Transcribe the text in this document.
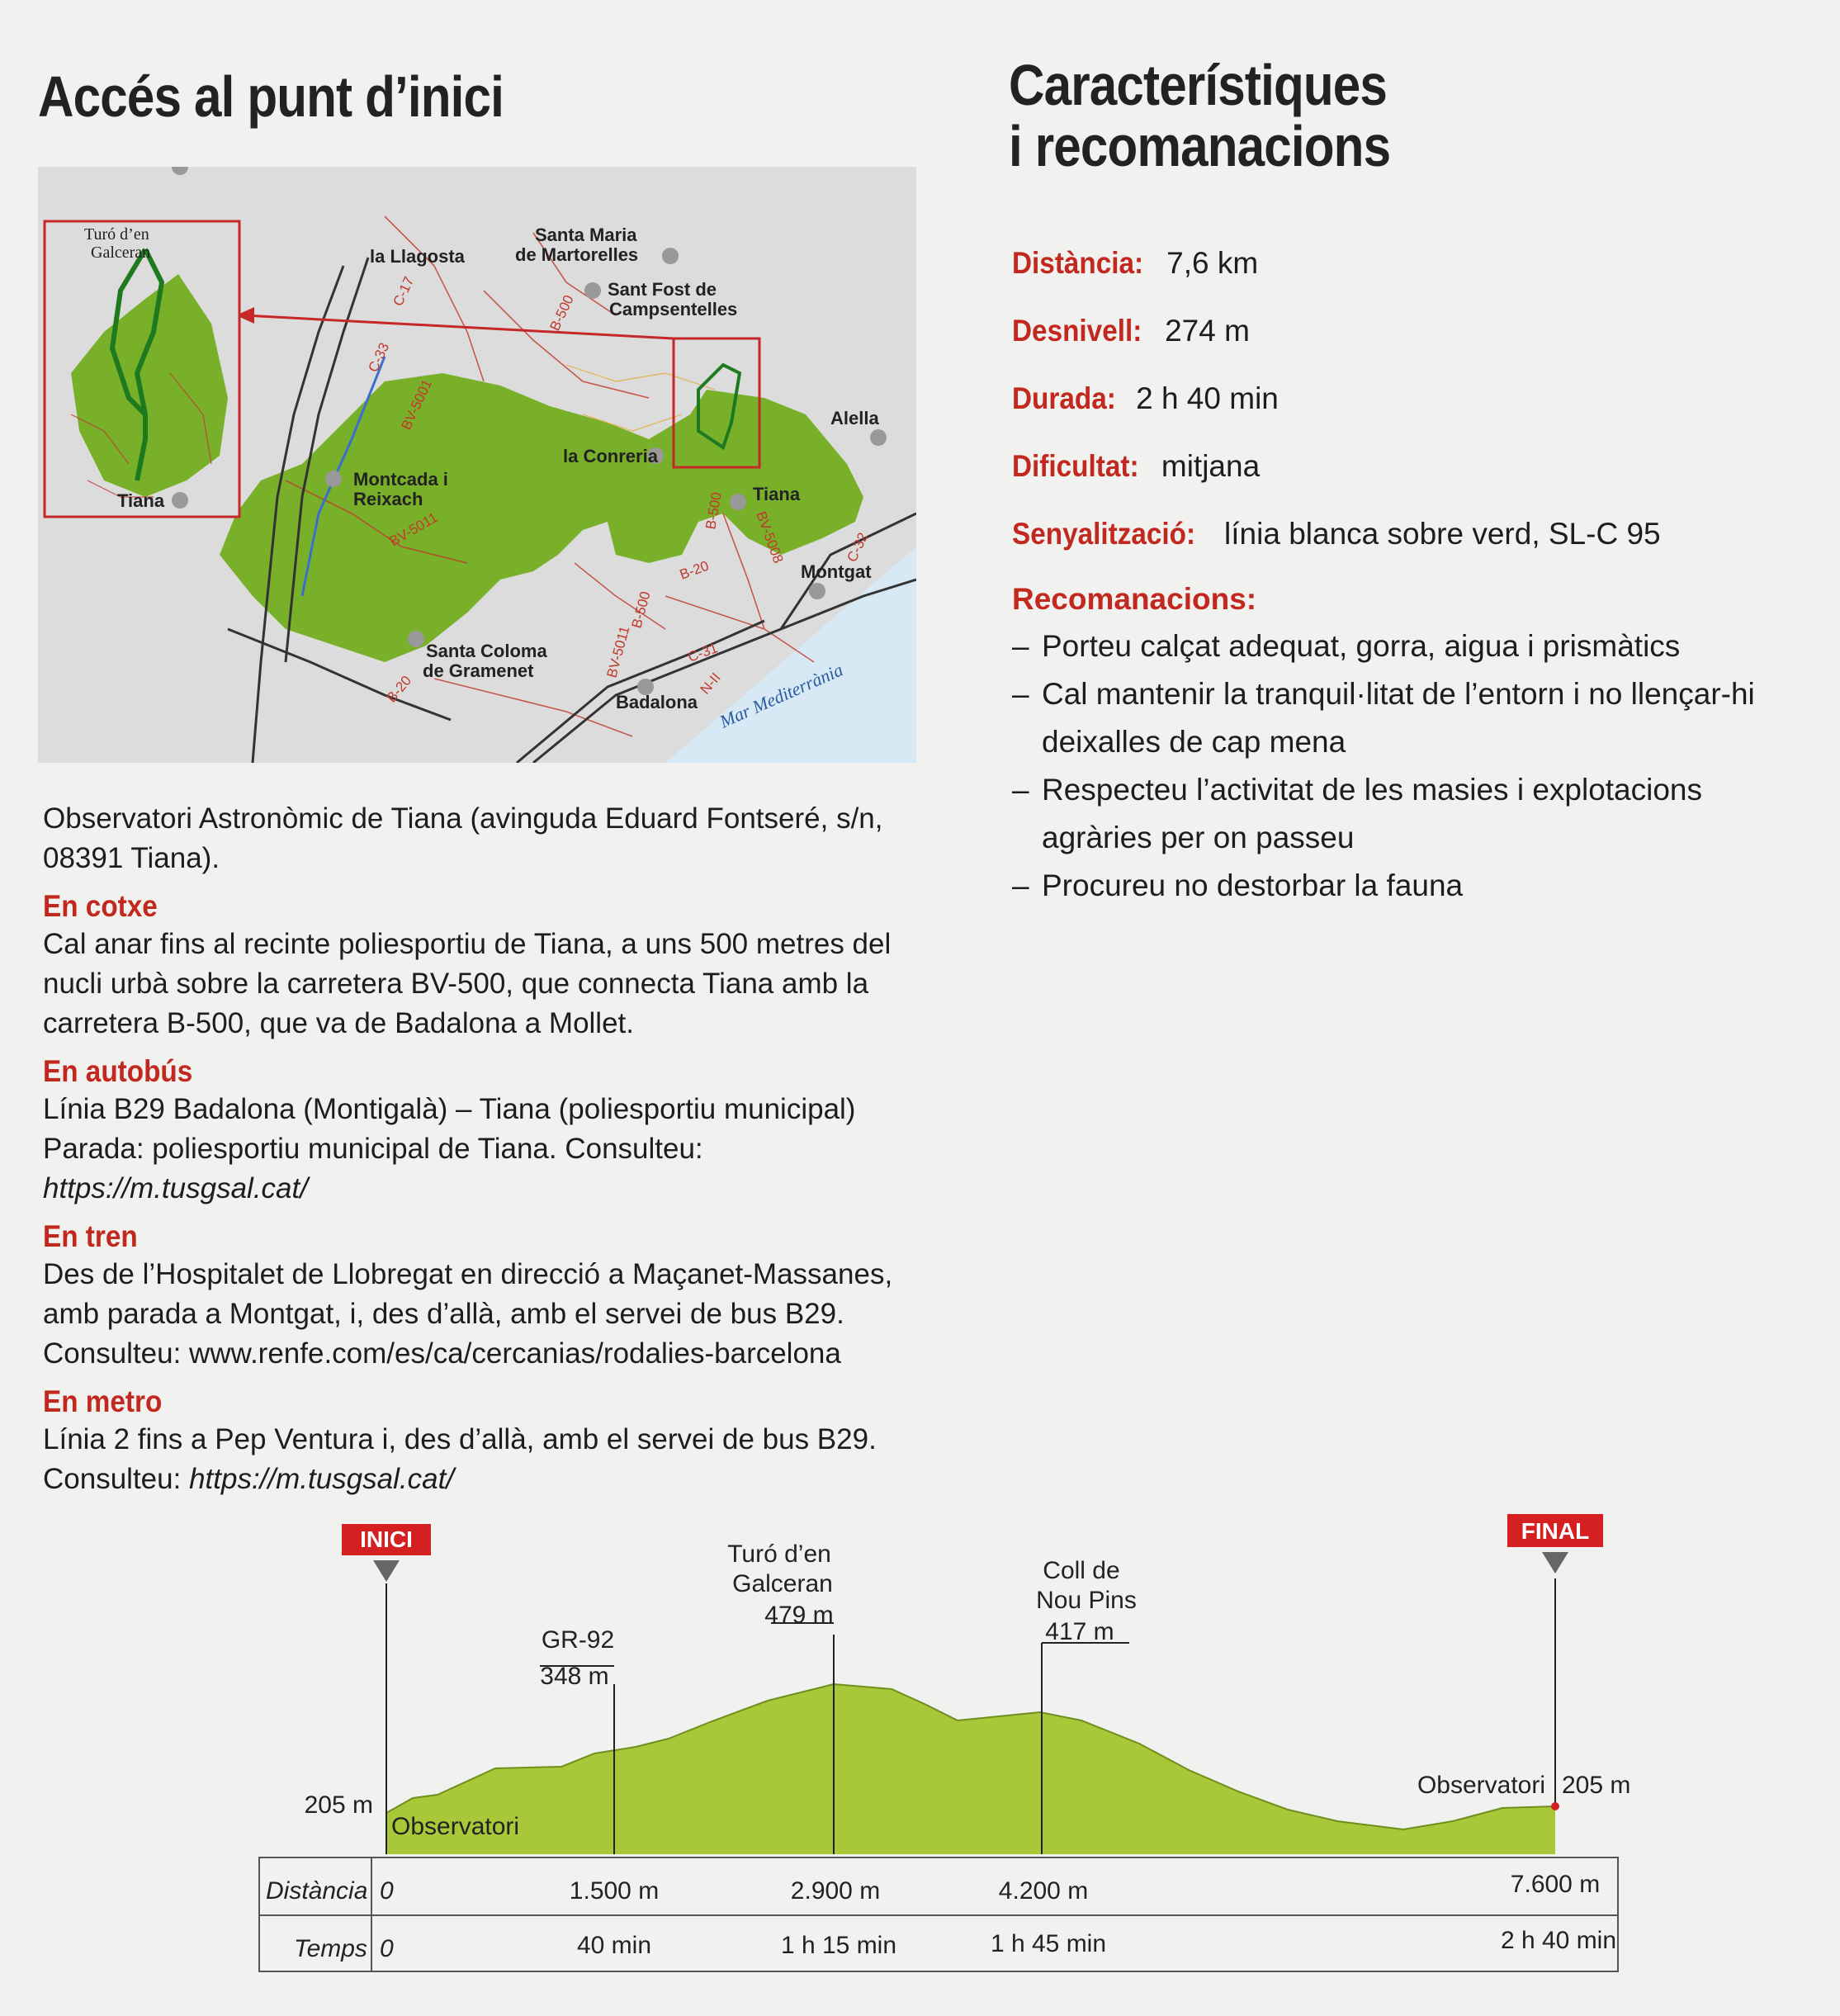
Accés al punt d’inici
Turó d’en
Galceran
Tiana
la Llagosta
Santa Maria
de Martorelles
Sant Fost de
Campsentelles
Alella
la Conreria
Montcada i
Reixach	Tiana
Montgat
Santa Coloma
de Gramenet
Badalona Mar Mediterrània
C-17
C-33
BV-5001
B-500
BV-5011	B-500 BV-5008	C-32
B-20
B-500
BV-5011	C-31
N-II
B-20

Observatori Astronòmic de Tiana (avinguda Eduard Fontseré, s/n, 08391 Tiana).

En cotxe

Cal anar fins al recinte poliesportiu de Tiana, a uns 500 metres del nucli urbà sobre la carretera BV-500, que connecta Tiana amb la carretera B-500, que va de Badalona a Mollet.

En autobús

Línia B29 Badalona (Montigalà) – Tiana (poliesportiu municipal)

Parada: poliesportiu municipal de Tiana. Consulteu: https://m.tusgsal.cat/

En tren

Des de l’Hospitalet de Llobregat en direcció a Maçanet-Massanes, amb parada a Montgat, i, des d’allà, amb el servei de bus B29.

Consulteu: www.renfe.com/es/ca/cercanias/rodalies-barcelona

En metro

Línia 2 fins a Pep Ventura i, des d’allà, amb el servei de bus B29.

Consulteu: https://m.tusgsal.cat/

Característiques
i recomanacions
Distància: 7,6 km
Desnivell: 274 m
Durada: 2 h 40 min
Dificultat: mitjana
Senyalització: línia blanca sobre verd, SL-C 95
Recomanacions:
– Porteu calçat adequat, gorra, aigua i prismàtics
– Cal mantenir la tranquil·litat de l’entorn i no llençar-hi deixalles de cap mena
– Respecteu l’activitat de les masies i explotacions agràries per on passeu
– Procureu no destorbar la fauna
INICI	FINAL
205 m
Observatori
GR-92
348 m
Turó d’en
Galceran
479 m
Coll de
Nou Pins
417 m
Observatori 205 m
Distància
Temps
0	1.500 m	2.900 m	4.200 m	7.600 m
0	40 min	1 h 15 min	1 h 45 min	2 h 40 min
